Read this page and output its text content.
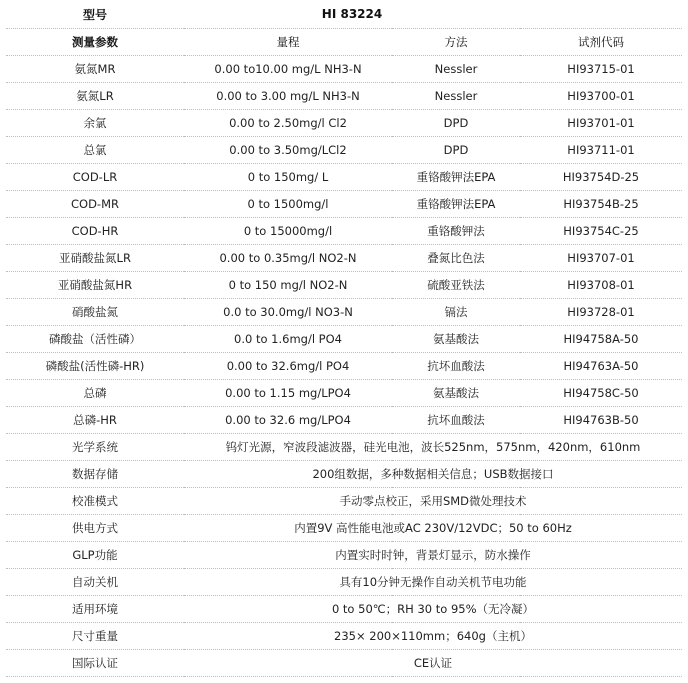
型号	HI 83224		
测量参数	量程	方法	试剂代码
氨氮MR	0.00 to10.00 mg/L NH3-N	Nessler	HI93715-01
氨氮LR	0.00 to 3.00 mg/L NH3-N	Nessler	HI93700-01
余氯	0.00 to 2.50mg/l Cl2	DPD	HI93701-01
总氯	0.00 to 3.50mg/LCl2	DPD	HI93711-01
COD-LR	0 to 150mg/ L	重铬酸钾法EPA	HI93754D-25
COD-MR	0 to 1500mg/l	重铬酸钾法EPA	HI93754B-25
COD-HR	0 to 15000mg/l	重铬酸钾法	HI93754C-25
亚硝酸盐氮LR	0.00 to 0.35mg/l NO2-N	叠氮比色法	HI93707-01
亚硝酸盐氮HR	0 to 150 mg/l NO2-N	硫酸亚铁法	HI93708-01
硝酸盐氮	0.0 to 30.0mg/l NO3-N	镉法	HI93728-01
磷酸盐（活性磷）	0.0 to 1.6mg/l PO4	氨基酸法	HI94758A-50
磷酸盐(活性磷-HR)	0.00 to 32.6mg/l PO4	抗坏血酸法	HI94763A-50
总磷	0.00 to 1.15 mg/LPO4	氨基酸法	HI94758C-50
总磷-HR	0.00 to 32.6 mg/LPO4	抗坏血酸法	HI94763B-50
光学系统	钨灯光源，窄波段滤波器，硅光电池，波长525nm，575nm，420nm，610nm		
数据存储	200组数据，多种数据相关信息；USB数据接口		
校准模式	手动零点校正，采用SMD微处理技术		
供电方式	内置9V 高性能电池或AC 230V/12VDC；50 to 60Hz		
GLP功能	内置实时时钟，背景灯显示，防水操作		
自动关机	具有10分钟无操作自动关机节电功能		
适用环境	0 to 50℃；RH 30 to 95%（无冷凝）		
尺寸重量	235× 200×110mm；640g（主机）		
国际认证	CE认证		
